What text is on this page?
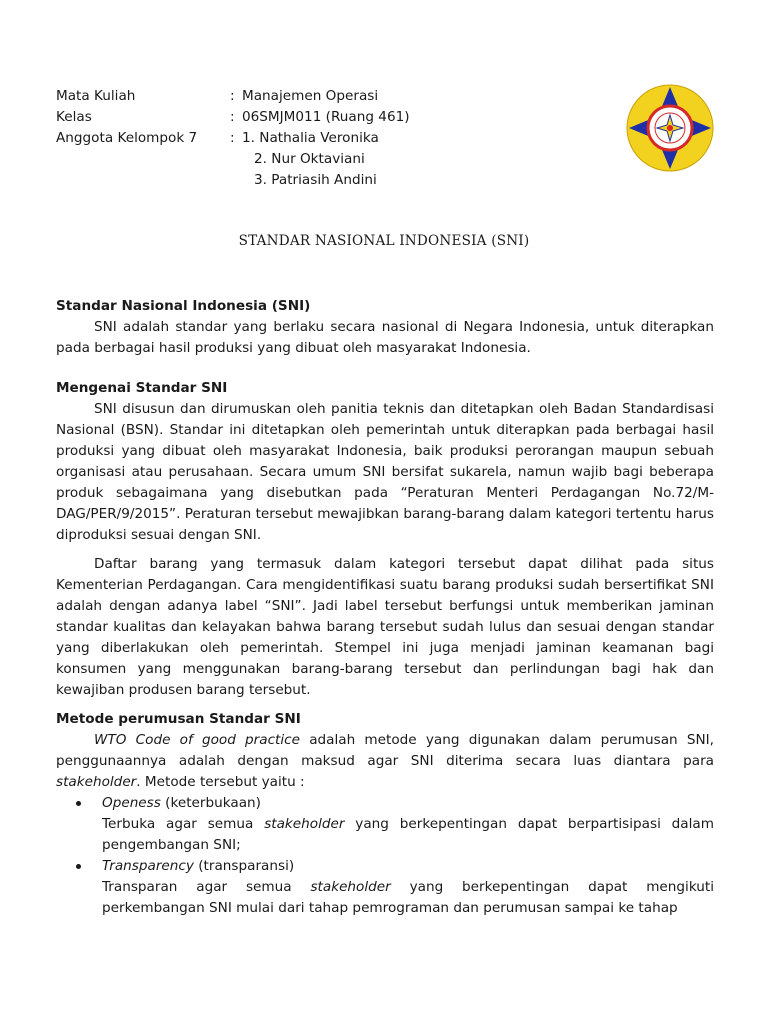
Mata Kuliah	: Manajemen Operasi
Kelas	: 06SMJM011 (Ruang 461)
Anggota Kelompok 7	: 1. Nathalia Veronika
2. Nur Oktaviani
3. Patriasih Andini
STANDAR NASIONAL INDONESIA (SNI)
Standar Nasional Indonesia (SNI)

SNI adalah standar yang berlaku secara nasional di Negara Indonesia, untuk diterapkan pada berbagai hasil produksi yang dibuat oleh masyarakat Indonesia.

Mengenai Standar SNI

SNI disusun dan dirumuskan oleh panitia teknis dan ditetapkan oleh Badan Standardisasi Nasional (BSN). Standar ini ditetapkan oleh pemerintah untuk diterapkan pada berbagai hasil produksi yang dibuat oleh masyarakat Indonesia, baik produksi perorangan maupun sebuah organisasi atau perusahaan. Secara umum SNI bersifat sukarela, namun wajib bagi beberapa produk sebagaimana yang disebutkan pada “Peraturan Menteri Perdagangan No.72/M-DAG/PER/9/2015”. Peraturan tersebut mewajibkan barang-barang dalam kategori tertentu harus diproduksi sesuai dengan SNI.

Daftar barang yang termasuk dalam kategori tersebut dapat dilihat pada situs Kementerian Perdagangan. Cara mengidentifikasi suatu barang produksi sudah bersertifikat SNI adalah dengan adanya label “SNI”. Jadi label tersebut berfungsi untuk memberikan jaminan standar kualitas dan kelayakan bahwa barang tersebut sudah lulus dan sesuai dengan standar yang diberlakukan oleh pemerintah. Stempel ini juga menjadi jaminan keamanan bagi konsumen yang menggunakan barang-barang tersebut dan perlindungan bagi hak dan kewajiban produsen barang tersebut.

Metode perumusan Standar SNI

WTO Code of good practice adalah metode yang digunakan dalam perumusan SNI, penggunaannya adalah dengan maksud agar SNI diterima secara luas diantara para stakeholder. Metode tersebut yaitu :

Openess (keterbukaan)
Terbuka agar semua stakeholder yang berkepentingan dapat berpartisipasi dalam pengembangan SNI;
Transparency (transparansi)
Transparan agar semua stakeholder yang berkepentingan dapat mengikuti perkembangan SNI mulai dari tahap pemrograman dan perumusan sampai ke tahap
